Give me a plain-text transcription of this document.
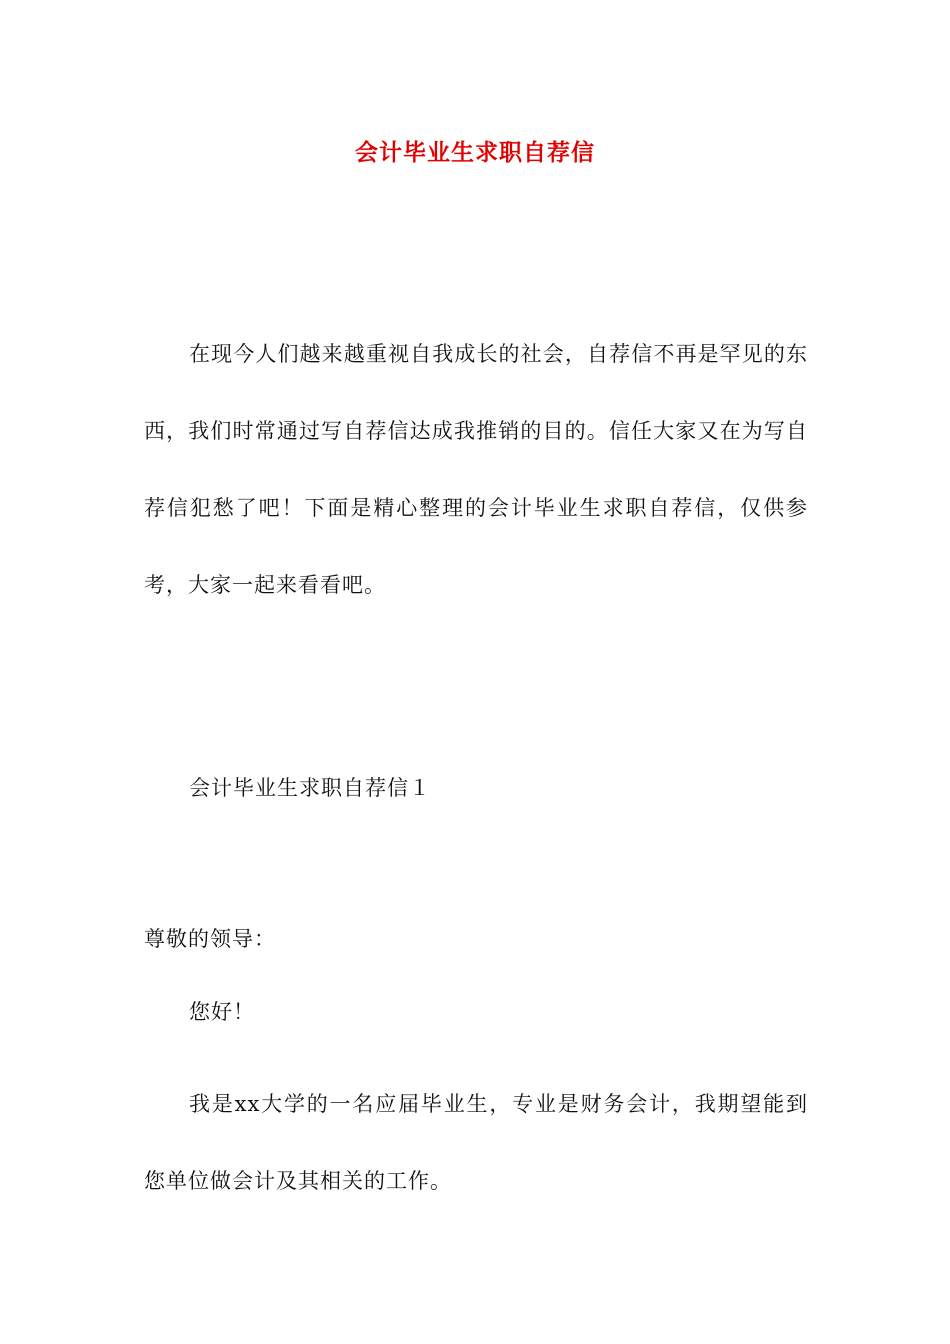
会计毕业生求职自荐信

在现今人们越来越重视自我成长的社会，自荐信不再是罕见的东西，我们时常通过写自荐信达成我推销的目的。信任大家又在为写自荐信犯愁了吧！下面是精心整理的会计毕业生求职自荐信，仅供参考，大家一起来看看吧。

会计毕业生求职自荐信１

尊敬的领导：

您好！

我是xx大学的一名应届毕业生，专业是财务会计，我期望能到您单位做会计及其相关的工作。
